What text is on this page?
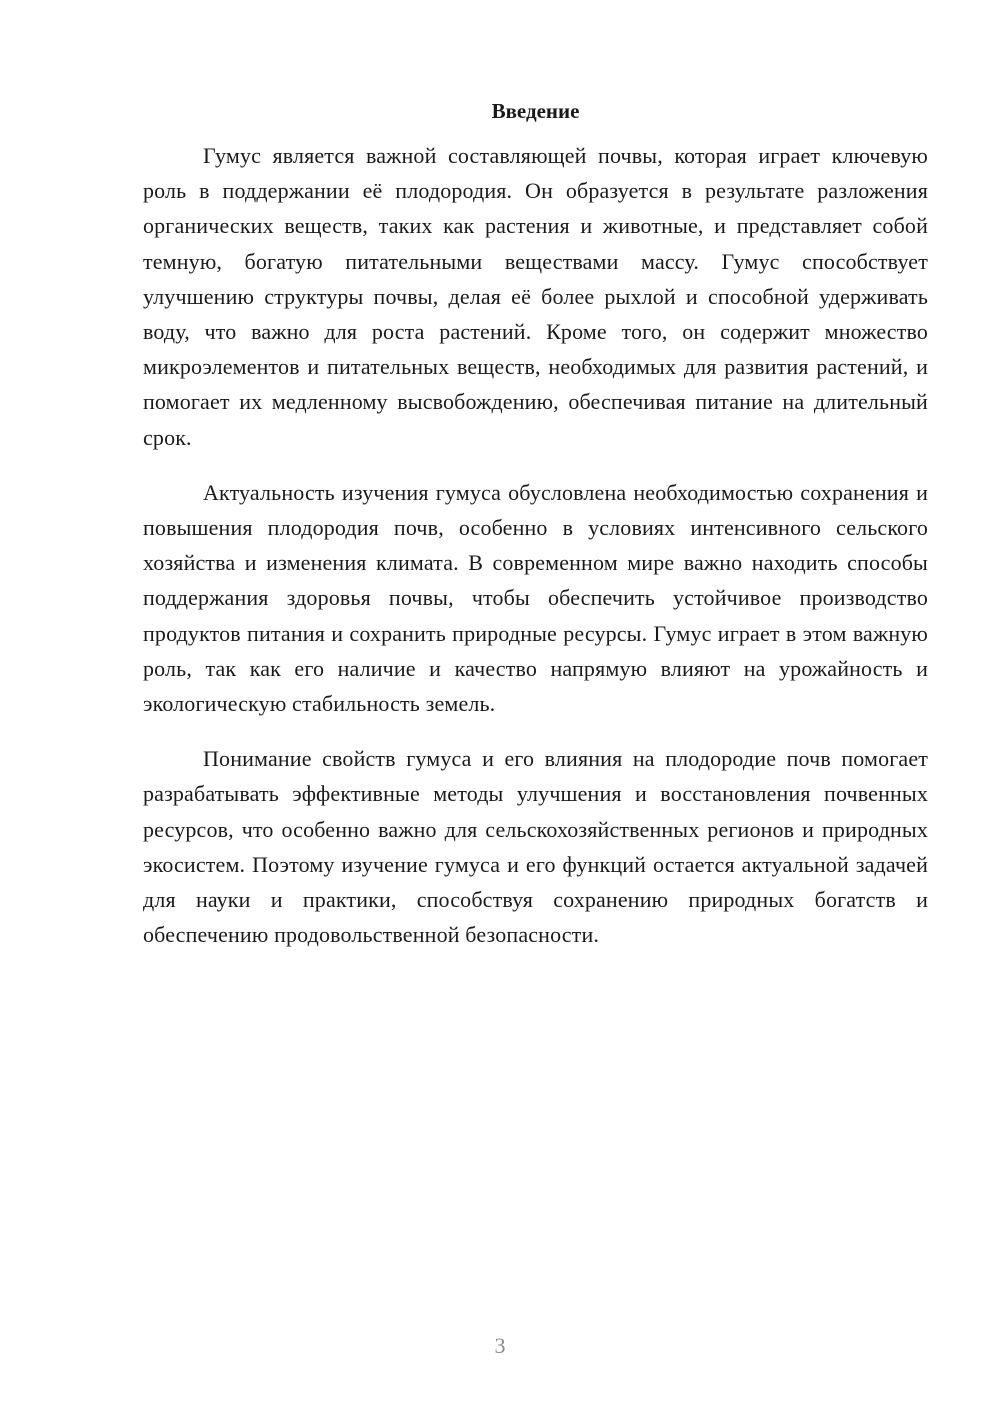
Введение

Гумус является важной составляющей почвы, которая играет ключевую роль в поддержании её плодородия. Он образуется в результате разложения органических веществ, таких как растения и животные, и представляет собой темную, богатую питательными веществами массу. Гумус способствует улучшению структуры почвы, делая её более рыхлой и способной удерживать воду, что важно для роста растений. Кроме того, он содержит множество микроэлементов и питательных веществ, необходимых для развития растений, и помогает их медленному высвобождению, обеспечивая питание на длительный срок.

Актуальность изучения гумуса обусловлена необходимостью сохранения и повышения плодородия почв, особенно в условиях интенсивного сельского хозяйства и изменения климата. В современном мире важно находить способы поддержания здоровья почвы, чтобы обеспечить устойчивое производство продуктов питания и сохранить природные ресурсы. Гумус играет в этом важную роль, так как его наличие и качество напрямую влияют на урожайность и экологическую стабильность земель.

Понимание свойств гумуса и его влияния на плодородие почв помогает разрабатывать эффективные методы улучшения и восстановления почвенных ресурсов, что особенно важно для сельскохозяйственных регионов и природных экосистем. Поэтому изучение гумуса и его функций остается актуальной задачей для науки и практики, способствуя сохранению природных богатств и обеспечению продовольственной безопасности.

3
